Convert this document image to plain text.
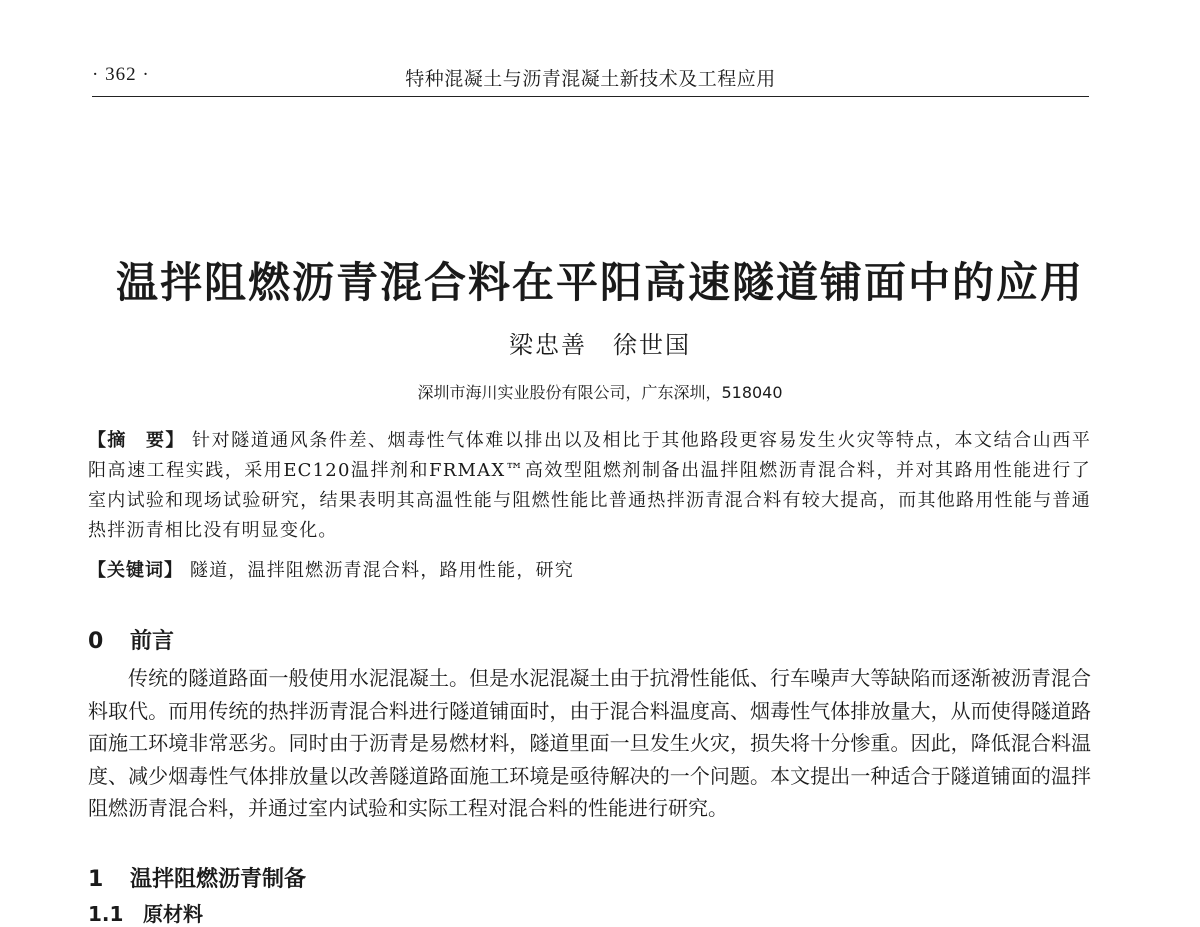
· 362 ·	特种混凝土与沥青混凝土新技术及工程应用
温拌阻燃沥青混合料在平阳高速隧道铺面中的应用
梁忠善　徐世国
深圳市海川实业股份有限公司，广东深圳，518040
【摘　要】 针对隧道通风条件差、烟毒性气体难以排出以及相比于其他路段更容易发生火灾等特点，本文结合山西平阳高速工程实践，采用EC120温拌剂和FRMAX™高效型阻燃剂制备出温拌阻燃沥青混合料，并对其路用性能进行了室内试验和现场试验研究，结果表明其高温性能与阻燃性能比普通热拌沥青混合料有较大提高，而其他路用性能与普通热拌沥青相比没有明显变化。
【关键词】 隧道，温拌阻燃沥青混合料，路用性能，研究
0 前言
传统的隧道路面一般使用水泥混凝土。但是水泥混凝土由于抗滑性能低、行车噪声大等缺陷而逐渐被沥青混合料取代。而用传统的热拌沥青混合料进行隧道铺面时，由于混合料温度高、烟毒性气体排放量大，从而使得隧道路面施工环境非常恶劣。同时由于沥青是易燃材料，隧道里面一旦发生火灾，损失将十分惨重。因此，降低混合料温度、减少烟毒性气体排放量以改善隧道路面施工环境是亟待解决的一个问题。本文提出一种适合于隧道铺面的温拌阻燃沥青混合料，并通过室内试验和实际工程对混合料的性能进行研究。
1 温拌阻燃沥青制备
1.1 原材料
